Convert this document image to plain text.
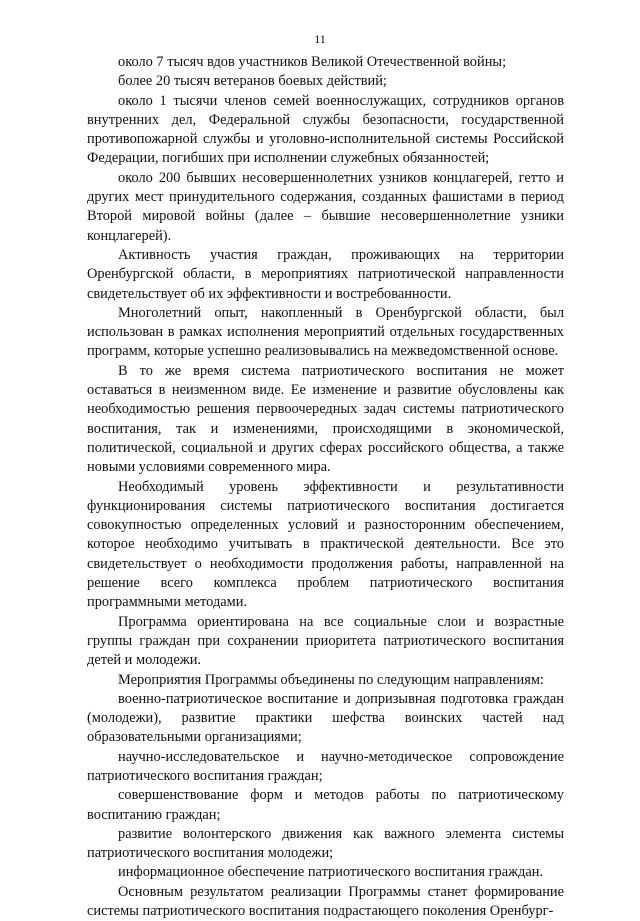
11

около 7 тысяч вдов участников Великой Отечественной войны;

более 20 тысяч ветеранов боевых действий;

около 1 тысячи членов семей военнослужащих, сотрудников органов внутренних дел, Федеральной службы безопасности, государственной противопожарной службы и уголовно-исполнительной системы Российской Федерации, погибших при исполнении служебных обязанностей;

около 200 бывших несовершеннолетних узников концлагерей, гетто и других мест принудительного содержания, созданных фашистами в период Второй мировой войны (далее – бывшие несовершеннолетние узники концлагерей).

Активность участия граждан, проживающих на территории Оренбургской области, в мероприятиях патриотической направленности свидетельствует об их эффективности и востребованности.

Многолетний опыт, накопленный в Оренбургской области, был использован в рамках исполнения мероприятий отдельных государственных программ, которые успешно реализовывались на межведомственной основе.

В то же время система патриотического воспитания не может оставаться в неизменном виде. Ее изменение и развитие обусловлены как необходимостью решения первоочередных задач системы патриотического воспитания, так и изменениями, происходящими в экономической, политической, социальной и других сферах российского общества, а также новыми условиями современного мира.

Необходимый уровень эффективности и результативности функционирования системы патриотического воспитания достигается совокупностью определенных условий и разносторонним обеспечением, которое необходимо учитывать в практической деятельности. Все это свидетельствует о необходимости продолжения работы, направленной на решение всего комплекса проблем патриотического воспитания программными методами.

Программа ориентирована на все социальные слои и возрастные группы граждан при сохранении приоритета патриотического воспитания детей и молодежи.

Мероприятия Программы объединены по следующим направлениям:

военно-патриотическое воспитание и допризывная подготовка граждан (молодежи), развитие практики шефства воинских частей над образовательными организациями;

научно-исследовательское и научно-методическое сопровождение патриотического воспитания граждан;

совершенствование форм и методов работы по патриотическому воспитанию граждан;

развитие волонтерского движения как важного элемента системы патриотического воспитания молодежи;

информационное обеспечение патриотического воспитания граждан.

Основным результатом реализации Программы станет формирование системы патриотического воспитания подрастающего поколения Оренбург-
